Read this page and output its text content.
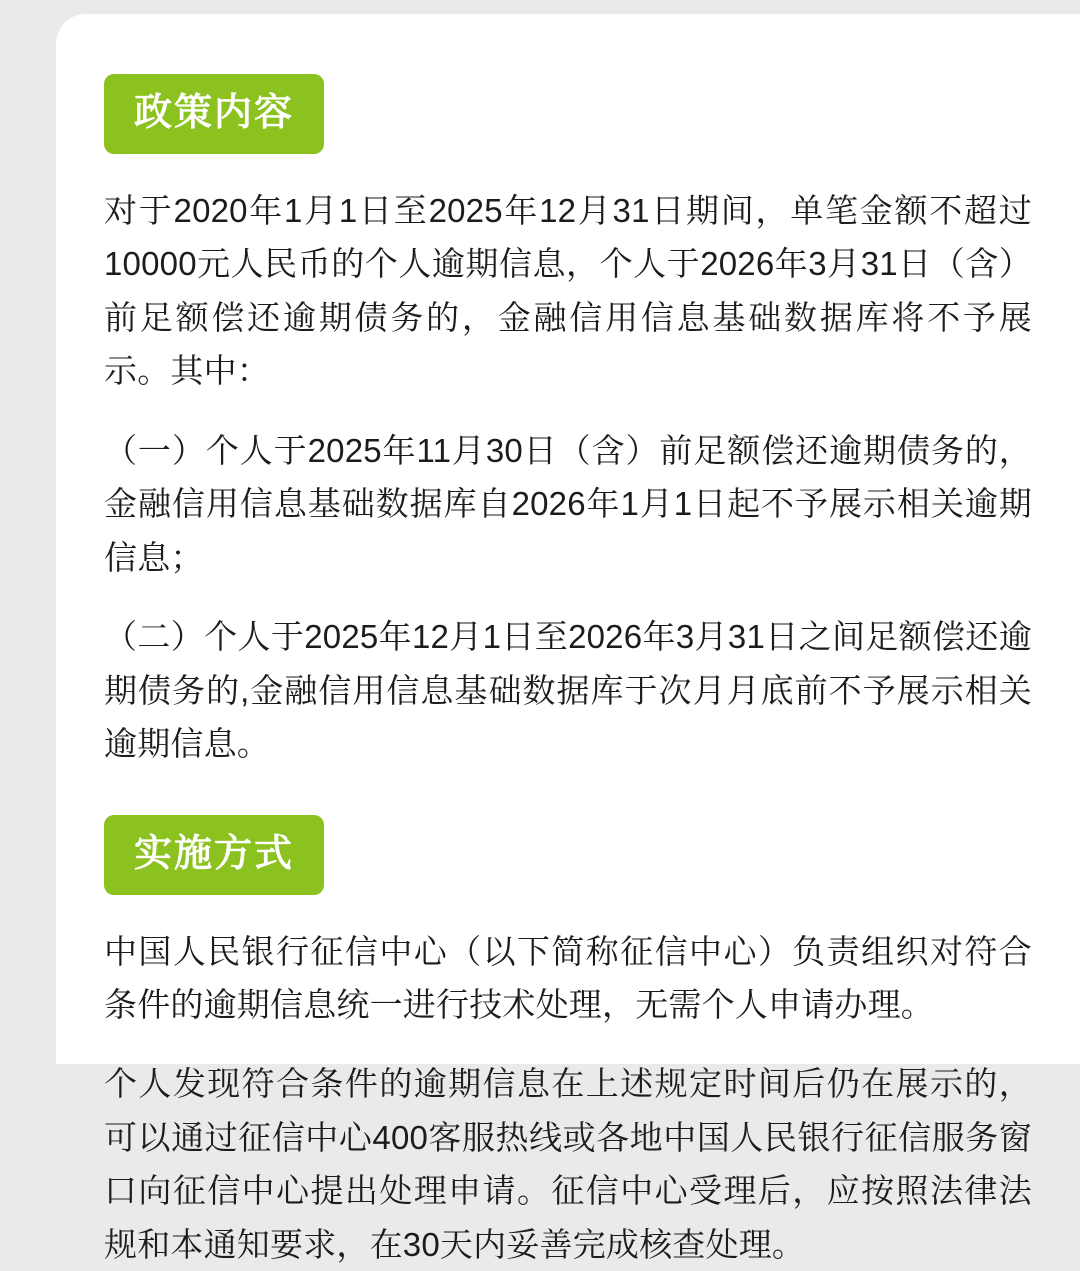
政策内容

对于2020年1月1日至2025年12月31日期间，单笔金额不超过10000元人民币的个人逾期信息，个人于2026年3月31日（含）前足额偿还逾期债务的，金融信用信息基础数据库将不予展示。其中：

（一）个人于2025年11月30日（含）前足额偿还逾期债务的，金融信用信息基础数据库自2026年1月1日起不予展示相关逾期信息；

（二）个人于2025年12月1日至2026年3月31日之间足额偿还逾期债务的,金融信用信息基础数据库于次月月底前不予展示相关逾期信息。

实施方式

中国人民银行征信中心（以下简称征信中心）负责组织对符合条件的逾期信息统一进行技术处理，无需个人申请办理。

个人发现符合条件的逾期信息在上述规定时间后仍在展示的，可以通过征信中心400客服热线或各地中国人民银行征信服务窗口向征信中心提出处理申请。征信中心受理后，应按照法律法规和本通知要求，在30天内妥善完成核查处理。
